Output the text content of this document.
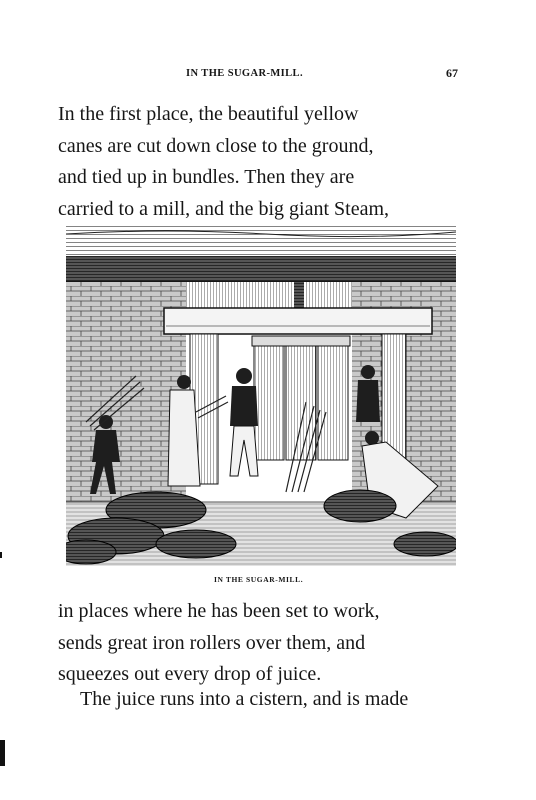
IN THE SUGAR-MILL.	67
In the first place, the beautiful yellow
canes are cut down close to the ground,
and tied up in bundles. Then they are
carried to a mill, and the big giant Steam,
IN THE SUGAR-MILL.
in places where he has been set to work,
sends great iron rollers over them, and
squeezes out every drop of juice.
The juice runs into a cistern, and is made
